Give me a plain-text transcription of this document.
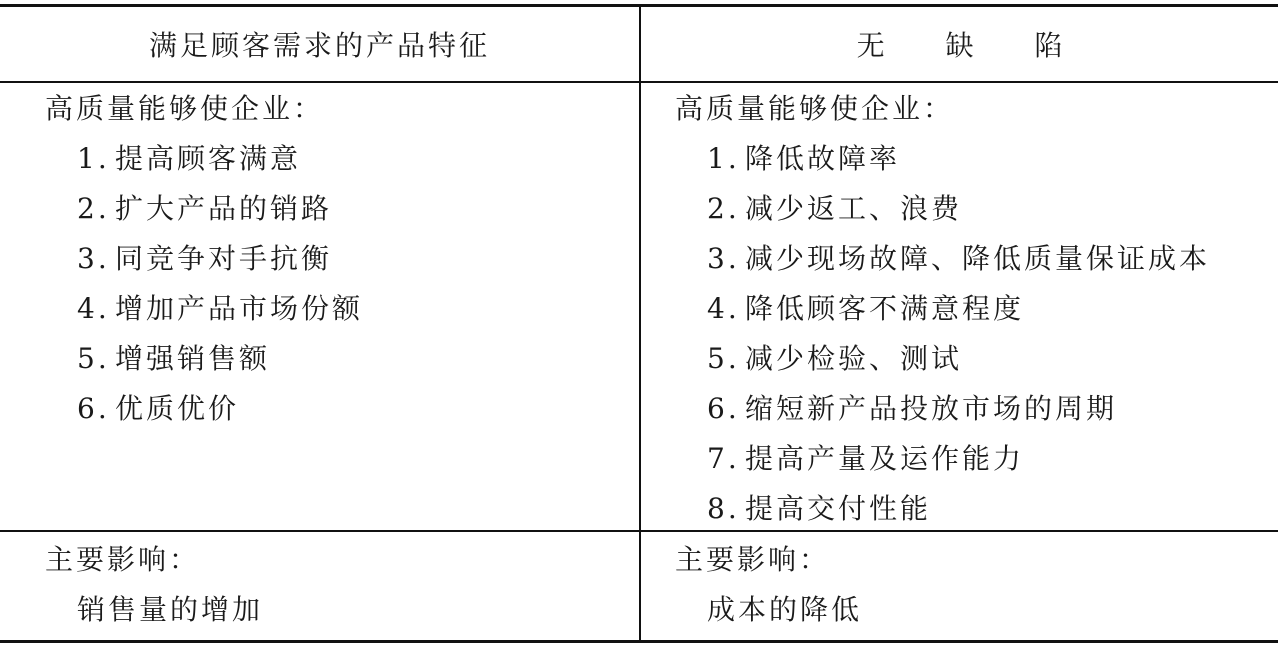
满足顾客需求的产品特征	无 缺 陷
高质量能够使企业：
1. 提高顾客满意
2. 扩大产品的销路
3. 同竞争对手抗衡
4. 增加产品市场份额
5. 增强销售额
6. 优质优价
高质量能够使企业：
1. 降低故障率
2. 减少返工、浪费
3. 减少现场故障、降低质量保证成本
4. 降低顾客不满意程度
5. 减少检验、测试
6. 缩短新产品投放市场的周期
7. 提高产量及运作能力
8. 提高交付性能
主要影响：
销售量的增加
主要影响：
成本的降低
